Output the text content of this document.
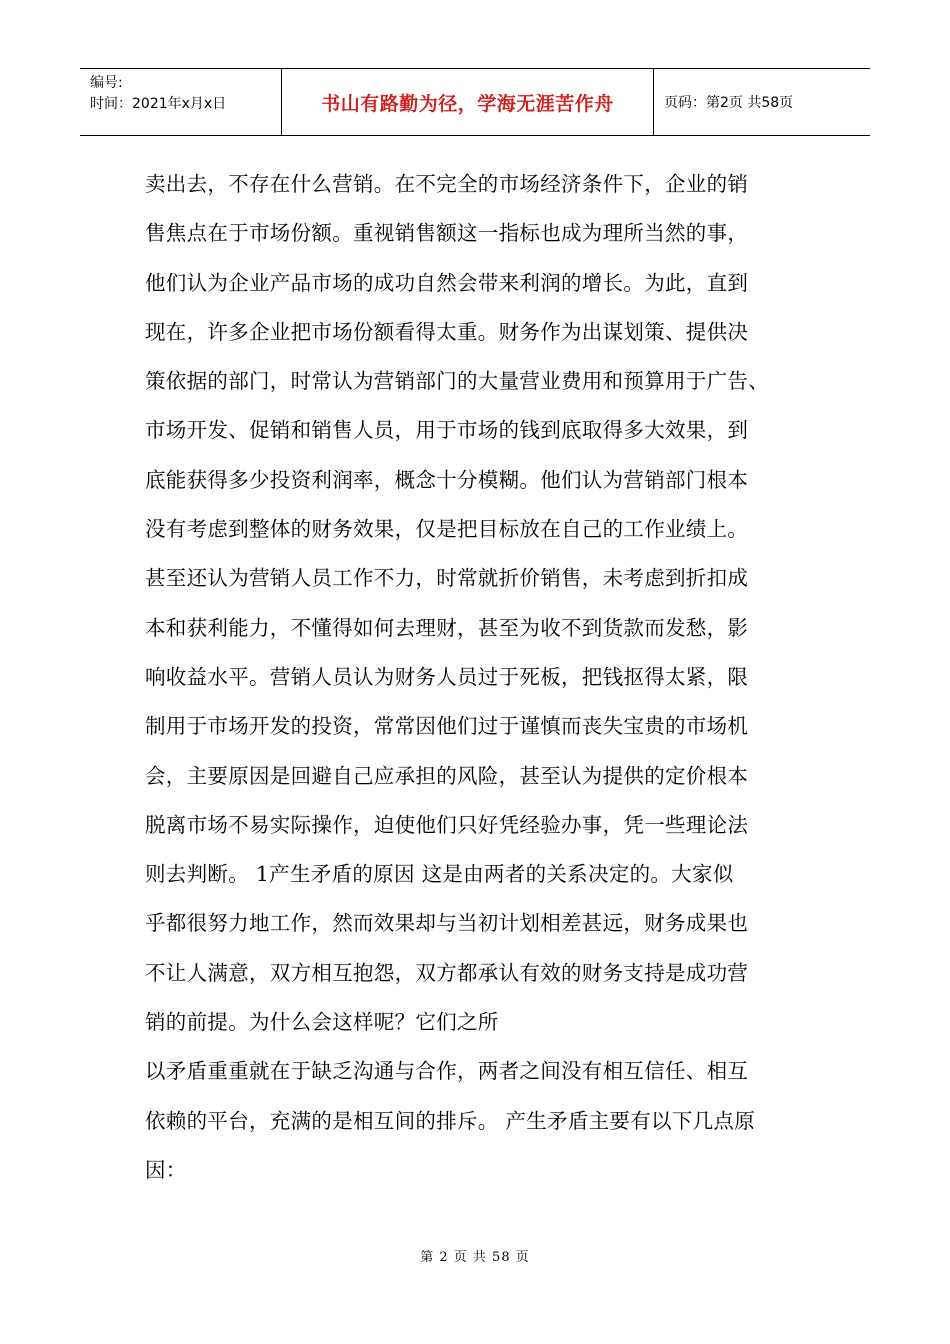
编号:
时间：2021年x月x日	书山有路勤为径，学海无涯苦作舟	页码：第2页 共58页

卖出去，不存在什么营销。在不完全的市场经济条件下，企业的销

售焦点在于市场份额。重视销售额这一指标也成为理所当然的事，

他们认为企业产品市场的成功自然会带来利润的增长。为此，直到

现在，许多企业把市场份额看得太重。财务作为出谋划策、提供决

策依据的部门，时常认为营销部门的大量营业费用和预算用于广告、

市场开发、促销和销售人员，用于市场的钱到底取得多大效果，到

底能获得多少投资利润率，概念十分模糊。他们认为营销部门根本

没有考虑到整体的财务效果，仅是把目标放在自己的工作业绩上。

甚至还认为营销人员工作不力，时常就折价销售，未考虑到折扣成

本和获利能力，不懂得如何去理财，甚至为收不到货款而发愁，影

响收益水平。营销人员认为财务人员过于死板，把钱抠得太紧，限

制用于市场开发的投资，常常因他们过于谨慎而丧失宝贵的市场机

会，主要原因是回避自己应承担的风险，甚至认为提供的定价根本

脱离市场不易实际操作，迫使他们只好凭经验办事，凭一些理论法

则去判断。 1产生矛盾的原因 这是由两者的关系决定的。大家似

乎都很努力地工作，然而效果却与当初计划相差甚远，财务成果也

不让人满意，双方相互抱怨，双方都承认有效的财务支持是成功营

销的前提。为什么会这样呢？它们之所

以矛盾重重就在于缺乏沟通与合作，两者之间没有相互信任、相互

依赖的平台，充满的是相互间的排斥。 产生矛盾主要有以下几点原

因：

第 2 页 共 58 页
